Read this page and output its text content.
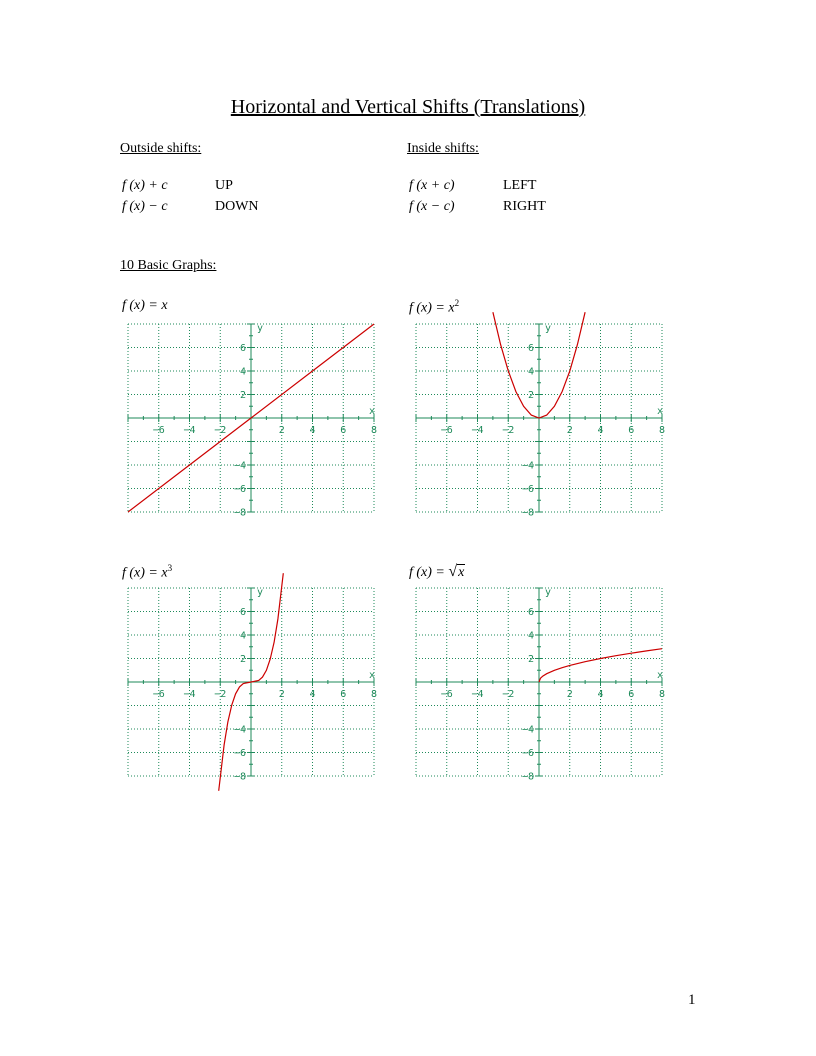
Horizontal and Vertical Shifts (Translations)
Outside shifts:
f (x) + c	UP
f (x) − c	DOWN
Inside shifts:
f (x + c)	LEFT
f (x − c)	RIGHT
10 Basic Graphs:
f (x) = x	f $(x) = x^2$
f $(x) = x^3$	f (x) = √x
−6 −4 −2	2 4 6 8
6
4
2
−4
−6
−8
x
y
−6 −4 −2	2 4 6 8
6
4
2
−4
−6
−8
x
y
−6 −4 −2	2 4 6 8
6
4
2
−4
−6
−8
x
y
−6 −4 −2	2 4 6 8
6
4
2
−4
−6
−8
x
y
1
